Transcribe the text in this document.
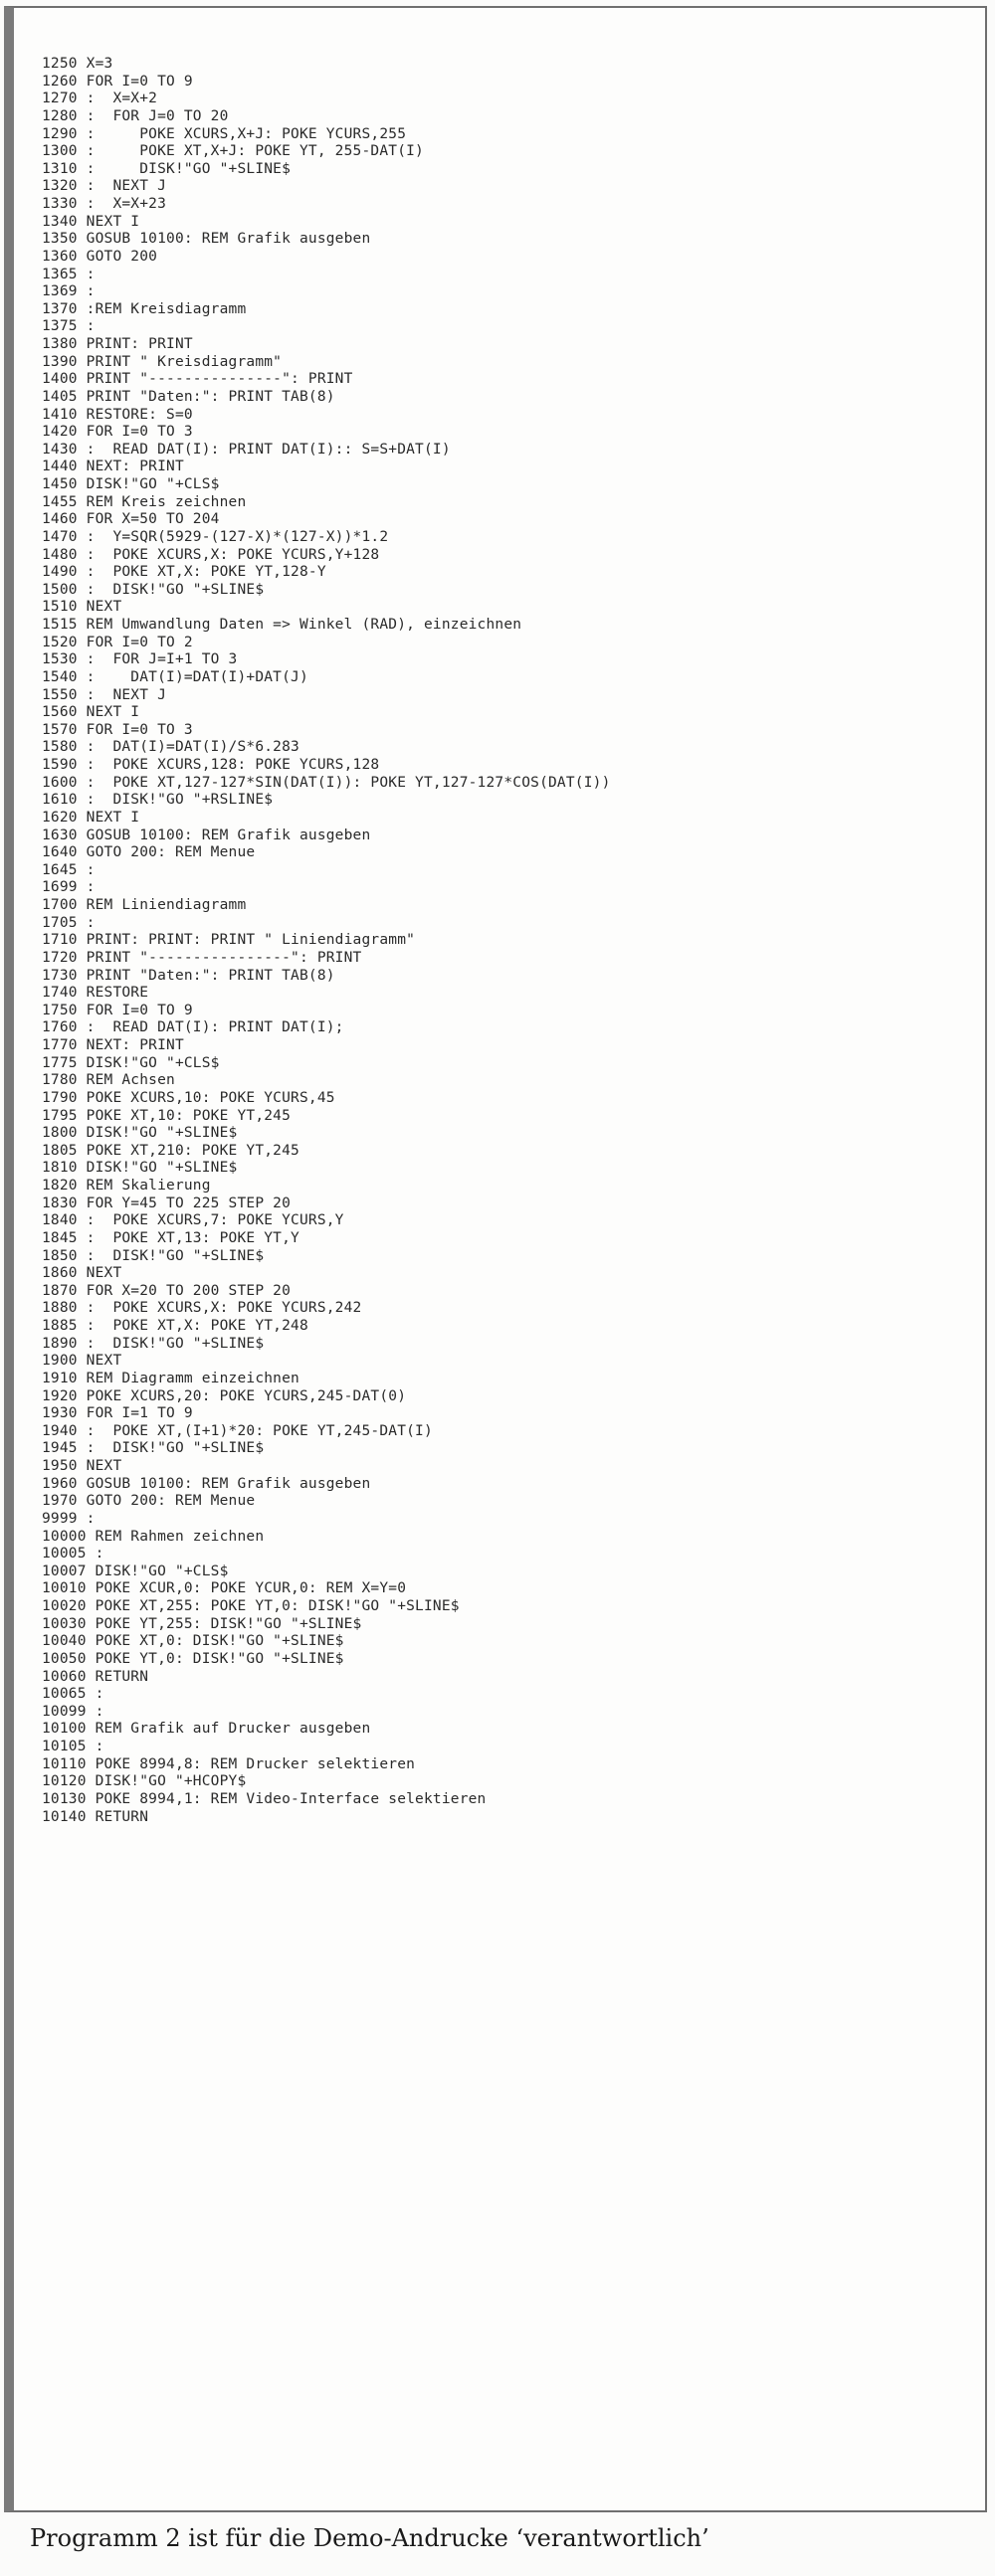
1250 X=3
1260 FOR I=0 TO 9
1270 :  X=X+2
1280 :  FOR J=0 TO 20
1290 :     POKE XCURS,X+J: POKE YCURS,255
1300 :     POKE XT,X+J: POKE YT, 255-DAT(I)
1310 :     DISK!"GO "+SLINE$
1320 :  NEXT J
1330 :  X=X+23
1340 NEXT I
1350 GOSUB 10100: REM Grafik ausgeben
1360 GOTO 200
1365 :
1369 :
1370 :REM Kreisdiagramm
1375 :
1380 PRINT: PRINT
1390 PRINT " Kreisdiagramm"
1400 PRINT "---------------": PRINT
1405 PRINT "Daten:": PRINT TAB(8)
1410 RESTORE: S=0
1420 FOR I=0 TO 3
1430 :  READ DAT(I): PRINT DAT(I):: S=S+DAT(I)
1440 NEXT: PRINT
1450 DISK!"GO "+CLS$
1455 REM Kreis zeichnen
1460 FOR X=50 TO 204
1470 :  Y=SQR(5929-(127-X)*(127-X))*1.2
1480 :  POKE XCURS,X: POKE YCURS,Y+128
1490 :  POKE XT,X: POKE YT,128-Y
1500 :  DISK!"GO "+SLINE$
1510 NEXT
1515 REM Umwandlung Daten => Winkel (RAD), einzeichnen
1520 FOR I=0 TO 2
1530 :  FOR J=I+1 TO 3
1540 :    DAT(I)=DAT(I)+DAT(J)
1550 :  NEXT J
1560 NEXT I
1570 FOR I=0 TO 3
1580 :  DAT(I)=DAT(I)/S*6.283
1590 :  POKE XCURS,128: POKE YCURS,128
1600 :  POKE XT,127-127*SIN(DAT(I)): POKE YT,127-127*COS(DAT(I))
1610 :  DISK!"GO "+RSLINE$
1620 NEXT I
1630 GOSUB 10100: REM Grafik ausgeben
1640 GOTO 200: REM Menue
1645 :
1699 :
1700 REM Liniendiagramm
1705 :
1710 PRINT: PRINT: PRINT " Liniendiagramm"
1720 PRINT "----------------": PRINT
1730 PRINT "Daten:": PRINT TAB(8)
1740 RESTORE
1750 FOR I=0 TO 9
1760 :  READ DAT(I): PRINT DAT(I);
1770 NEXT: PRINT
1775 DISK!"GO "+CLS$
1780 REM Achsen
1790 POKE XCURS,10: POKE YCURS,45
1795 POKE XT,10: POKE YT,245
1800 DISK!"GO "+SLINE$
1805 POKE XT,210: POKE YT,245
1810 DISK!"GO "+SLINE$
1820 REM Skalierung
1830 FOR Y=45 TO 225 STEP 20
1840 :  POKE XCURS,7: POKE YCURS,Y
1845 :  POKE XT,13: POKE YT,Y
1850 :  DISK!"GO "+SLINE$
1860 NEXT
1870 FOR X=20 TO 200 STEP 20
1880 :  POKE XCURS,X: POKE YCURS,242
1885 :  POKE XT,X: POKE YT,248
1890 :  DISK!"GO "+SLINE$
1900 NEXT
1910 REM Diagramm einzeichnen
1920 POKE XCURS,20: POKE YCURS,245-DAT(0)
1930 FOR I=1 TO 9
1940 :  POKE XT,(I+1)*20: POKE YT,245-DAT(I)
1945 :  DISK!"GO "+SLINE$
1950 NEXT
1960 GOSUB 10100: REM Grafik ausgeben
1970 GOTO 200: REM Menue
9999 :
10000 REM Rahmen zeichnen
10005 :
10007 DISK!"GO "+CLS$
10010 POKE XCUR,0: POKE YCUR,0: REM X=Y=0
10020 POKE XT,255: POKE YT,0: DISK!"GO "+SLINE$
10030 POKE YT,255: DISK!"GO "+SLINE$
10040 POKE XT,0: DISK!"GO "+SLINE$
10050 POKE YT,0: DISK!"GO "+SLINE$
10060 RETURN
10065 :
10099 :
10100 REM Grafik auf Drucker ausgeben
10105 :
10110 POKE 8994,8: REM Drucker selektieren
10120 DISK!"GO "+HCOPY$
10130 POKE 8994,1: REM Video-Interface selektieren
10140 RETURN
Programm 2 ist für die Demo-Andrucke ‘verantwortlich’
